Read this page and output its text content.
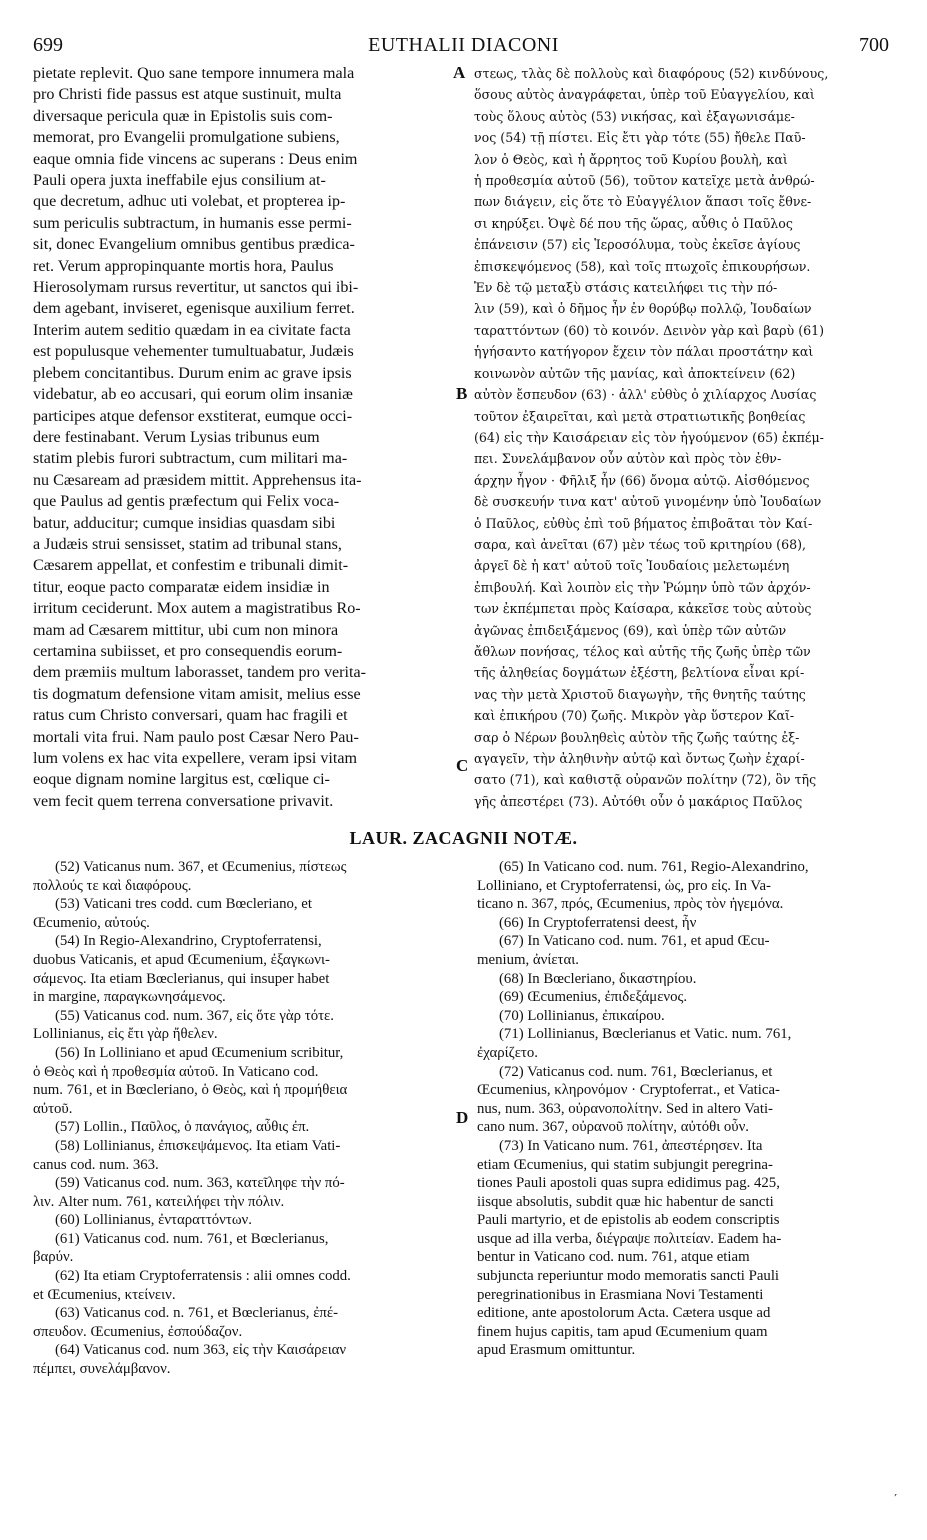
699	EUTHALII DIACONI	700
pietate replevit. Quo sane tempore innumera mala
pro Christi fide passus est atque sustinuit, multa
diversaque pericula quæ in Epistolis suis com-
memorat, pro Evangelii promulgatione subiens,
eaque omnia fide vincens ac superans : Deus enim
Pauli opera juxta ineffabile ejus consilium at-
que decretum, adhuc uti volebat, et propterea ip-
sum periculis subtractum, in humanis esse permi-
sit, donec Evangelium omnibus gentibus prædica-
ret. Verum appropinquante mortis hora, Paulus
Hierosolymam rursus revertitur, ut sanctos qui ibi-
dem agebant, inviseret, egenisque auxilium ferret.
Interim autem seditio quædam in ea civitate facta
est populusque vehementer tumultuabatur, Judæis
plebem concitantibus. Durum enim ac grave ipsis
videbatur, ab eo accusari, qui eorum olim insaniæ
participes atque defensor exstiterat, eumque occi-
dere festinabant. Verum Lysias tribunus eum
statim plebis furori subtractum, cum militari ma-
nu Cæsaream ad præsidem mittit. Apprehensus ita-
que Paulus ad gentis præfectum qui Felix voca-
batur, adducitur; cumque insidias quasdam sibi
a Judæis strui sensisset, statim ad tribunal stans,
Cæsarem appellat, et confestim e tribunali dimit-
titur, eoque pacto comparatæ eidem insidiæ in
irritum ceciderunt. Mox autem a magistratibus Ro-
mam ad Cæsarem mittitur, ubi cum non minora
certamina subiisset, et pro consequendis eorum-
dem præmiis multum laborasset, tandem pro verita-
tis dogmatum defensione vitam amisit, melius esse
ratus cum Christo conversari, quam hac fragili et
mortali vita frui. Nam paulo post Cæsar Nero Pau-
lum volens ex hac vita expellere, veram ipsi vitam
eoque dignam nomine largitus est, cœlique ci-
vem fecit quem terrena conversatione privavit.
στεως, τλὰς δὲ πολλοὺς καὶ διαφόρους (52) κινδύνους,
ὅσους αὐτὸς ἀναγράφεται, ὑπὲρ τοῦ Εὐαγγελίου, καὶ
τοὺς ὅλους αὐτὸς (53) νικήσας, καὶ ἐξαγωνισάμε-
νος (54) τῇ πίστει. Εἰς ἔτι γὰρ τότε (55) ἤθελε Παῦ-
λον ὁ Θεὸς, καὶ ἡ ἄρρητος τοῦ Κυρίου βουλὴ, καὶ
ἡ προθεσμία αὐτοῦ (56), τοῦτον κατεῖχε μετὰ ἀνθρώ-
πων διάγειν, εἰς ὅτε τὸ Εὐαγγέλιον ἅπασι τοῖς ἔθνε-
σι κηρύξει. Ὀψὲ δέ που τῆς ὥρας, αὖθις ὁ Παῦλος
ἐπάνεισιν (57) εἰς Ἱεροσόλυμα, τοὺς ἐκεῖσε ἁγίους
ἐπισκεψόμενος (58), καὶ τοῖς πτωχοῖς ἐπικουρήσων.
Ἐν δὲ τῷ μεταξὺ στάσις κατειλήφει τις τὴν πό-
λιν (59), καὶ ὁ δῆμος ἦν ἐν θορύβῳ πολλῷ, Ἰουδαίων
ταραττόντων (60) τὸ κοινόν. Δεινὸν γὰρ καὶ βαρὺ (61)
ἡγήσαντο κατήγορον ἔχειν τὸν πάλαι προστάτην καὶ
κοινωνὸν αὐτῶν τῆς μανίας, καὶ ἀποκτείνειν (62)
αὐτὸν ἔσπευδον (63) · ἀλλ' εὐθὺς ὁ χιλίαρχος Λυσίας
τοῦτον ἐξαιρεῖται, καὶ μετὰ στρατιωτικῆς βοηθείας
(64) εἰς τὴν Καισάρειαν εἰς τὸν ἡγούμενον (65) ἐκπέμ-
πει. Συνελάμβανον οὖν αὐτὸν καὶ πρὸς τὸν ἐθν-
άρχην ἦγον · Φῆλιξ ἦν (66) ὄνομα αὐτῷ. Αἰσθόμενος
δὲ συσκευήν τινα κατ' αὐτοῦ γινομένην ὑπὸ Ἰουδαίων
ὁ Παῦλος, εὐθὺς ἐπὶ τοῦ βήματος ἐπιβοᾶται τὸν Καί-
σαρα, καὶ ἀνεῖται (67) μὲν τέως τοῦ κριτηρίου (68),
ἀργεῖ δὲ ἡ κατ' αὐτοῦ τοῖς Ἰουδαίοις μελετωμένη
ἐπιβουλή. Καὶ λοιπὸν εἰς τὴν Ῥώμην ὑπὸ τῶν ἀρχόν-
των ἐκπέμπεται πρὸς Καίσαρα, κἀκεῖσε τοὺς αὐτοὺς
ἀγῶνας ἐπιδειξάμενος (69), καὶ ὑπὲρ τῶν αὐτῶν
ἄθλων πονήσας, τέλος καὶ αὐτῆς τῆς ζωῆς ὑπὲρ τῶν
τῆς ἀληθείας δογμάτων ἐξέστη, βελτίονα εἶναι κρί-
νας τὴν μετὰ Χριστοῦ διαγωγὴν, τῆς θνητῆς ταύτης
καὶ ἐπικήρου (70) ζωῆς. Μικρὸν γὰρ ὕστερον Καῖ-
σαρ ὁ Νέρων βουληθεὶς αὐτὸν τῆς ζωῆς ταύτης ἐξ-
αγαγεῖν, τὴν ἀληθινὴν αὐτῷ καὶ ὄντως ζωὴν ἐχαρί-
σατο (71), καὶ καθιστᾷ οὐρανῶν πολίτην (72), ὃν τῆς
γῆς ἀπεστέρει (73). Αὐτόθι οὖν ὁ μακάριος Παῦλος
A
B
C
LAUR. ZACAGNII NOTÆ.

(52) Vaticanus num. 367, et Œcumenius, πίστεως
πολλούς τε καὶ διαφόρους.

(53) Vaticani tres codd. cum Bœcleriano, et
Œcumenio, αὐτούς.

(54) In Regio-Alexandrino, Cryptoferratensi,
duobus Vaticanis, et apud Œcumenium, ἐξαγκωνι-
σάμενος. Ita etiam Bœclerianus, qui insuper habet
in margine, παραγκωνησάμενος.

(55) Vaticanus cod. num. 367, εἰς ὅτε γὰρ τότε.
Lollinianus, εἰς ἔτι γὰρ ἤθελεν.

(56) In Lolliniano et apud Œcumenium scribitur,
ὁ Θεὸς καὶ ἡ προθεσμία αὐτοῦ. In Vaticano cod.
num. 761, et in Bœcleriano, ὁ Θεὸς, καὶ ἡ προμήθεια
αὐτοῦ.

(57) Lollin., Παῦλος, ὁ πανάγιος, αὖθις ἐπ.

(58) Lollinianus, ἐπισκεψάμενος. Ita etiam Vati-
canus cod. num. 363.

(59) Vaticanus cod. num. 363, κατεῖληφε τὴν πό-
λιν. Alter num. 761, κατειλήφει τὴν πόλιν.

(60) Lollinianus, ἐνταραττόντων.

(61) Vaticanus cod. num. 761, et Bœclerianus,
βαρύν.

(62) Ita etiam Cryptoferratensis : alii omnes codd.
et Œcumenius, κτείνειν.

(63) Vaticanus cod. n. 761, et Bœclerianus, ἐπέ-
σπευδον. Œcumenius, ἐσπούδαζον.

(64) Vaticanus cod. num 363, εἰς τὴν Καισάρειαν
πέμπει, συνελάμβανον.

(65) In Vaticano cod. num. 761, Regio-Alexandrino,
Lolliniano, et Cryptoferratensi, ὡς, pro εἰς. In Va-
ticano n. 367, πρός, Œcumenius, πρὸς τὸν ἡγεμόνα.

(66) In Cryptoferratensi deest, ἦν

(67) In Vaticano cod. num. 761, et apud Œcu-
menium, ἀνίεται.

(68) In Bœcleriano, δικαστηρίου.

(69) Œcumenius, ἐπιδεξάμενος.

(70) Lollinianus, ἐπικαίρου.

(71) Lollinianus, Bœclerianus et Vatic. num. 761,
ἐχαρίζετο.

(72) Vaticanus cod. num. 761, Bœclerianus, et
Œcumenius, κληρονόμον · Cryptoferrat., et Vatica-
nus, num. 363, οὐρανοπολίτην. Sed in altero Vati-
cano num. 367, οὐρανοῦ πολίτην, αὐτόθι οὖν.

(73) In Vaticano num. 761, ἀπεστέρησεν. Ita
etiam Œcumenius, qui statim subjungit peregrina-
tiones Pauli apostoli quas supra edidimus pag. 425,
iisque absolutis, subdit quæ hic habentur de sancti
Pauli martyrio, et de epistolis ab eodem conscriptis
usque ad illa verba, διέγραψε πολιτείαν. Eadem ha-
bentur in Vaticano cod. num. 761, atque etiam
subjuncta reperiuntur modo memoratis sancti Pauli
peregrinationibus in Erasmiana Novi Testamenti
editione, ante apostolorum Acta. Cætera usque ad
finem hujus capitis, tam apud Œcumenium quam
apud Erasmum omittuntur.

D
′
